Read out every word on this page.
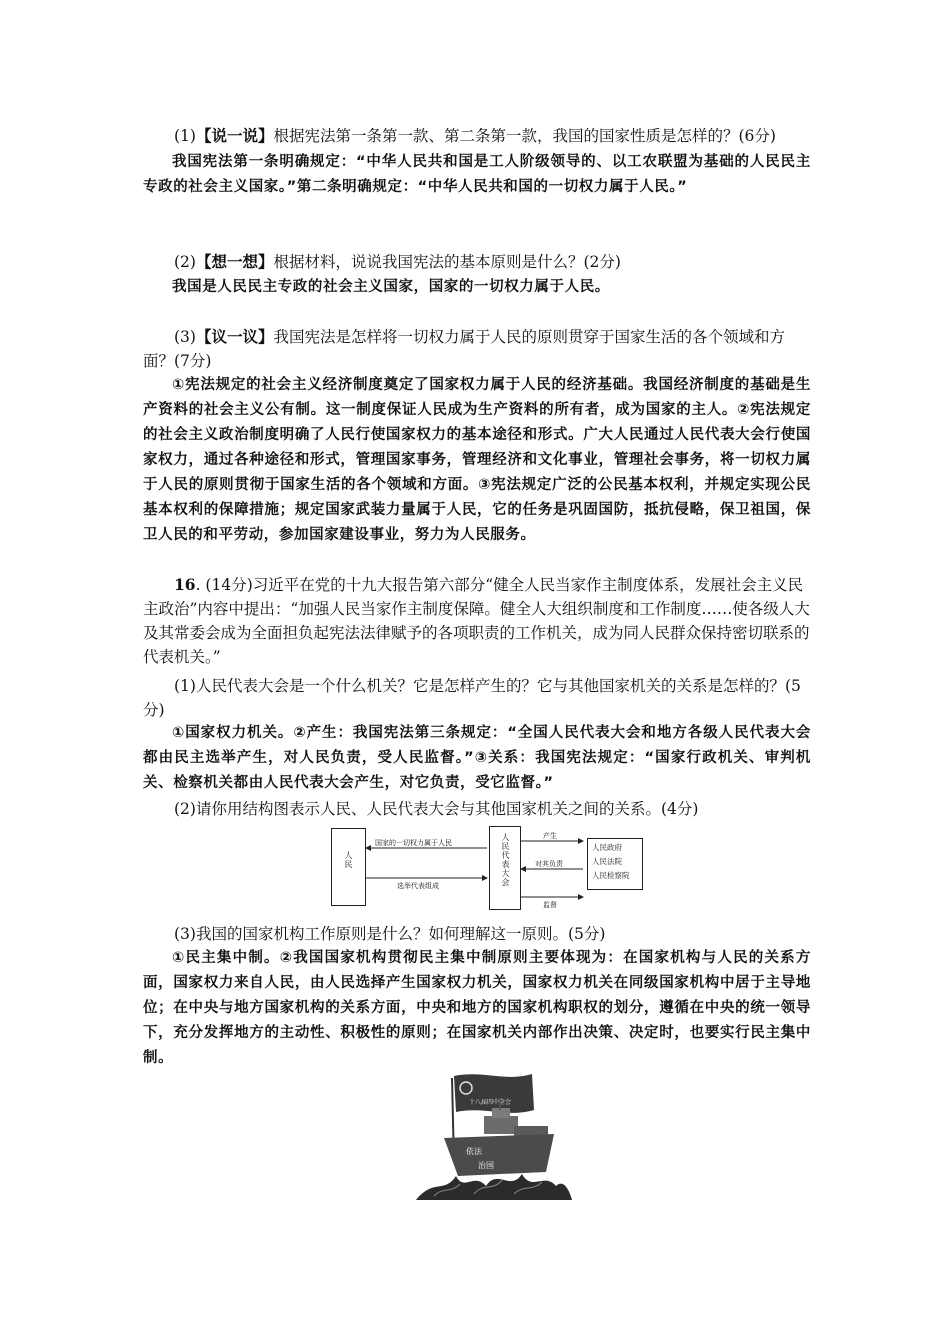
(1)【说一说】根据宪法第一条第一款、第二条第一款，我国的国家性质是怎样的？(6分)
我国宪法第一条明确规定：“中华人民共和国是工人阶级领导的、以工农联盟为基础的人民民主专政的社会主义国家。”第二条明确规定：“中华人民共和国的一切权力属于人民。”
(2)【想一想】根据材料，说说我国宪法的基本原则是什么？(2分)
我国是人民民主专政的社会主义国家，国家的一切权力属于人民。
(3)【议一议】我国宪法是怎样将一切权力属于人民的原则贯穿于国家生活的各个领域和方面？(7分)
①宪法规定的社会主义经济制度奠定了国家权力属于人民的经济基础。我国经济制度的基础是生产资料的社会主义公有制。这一制度保证人民成为生产资料的所有者，成为国家的主人。②宪法规定的社会主义政治制度明确了人民行使国家权力的基本途径和形式。广大人民通过人民代表大会行使国家权力，通过各种途径和形式，管理国家事务，管理经济和文化事业，管理社会事务，将一切权力属于人民的原则贯彻于国家生活的各个领域和方面。③宪法规定广泛的公民基本权利，并规定实现公民基本权利的保障措施；规定国家武装力量属于人民，它的任务是巩固国防，抵抗侵略，保卫祖国，保卫人民的和平劳动，参加国家建设事业，努力为人民服务。
16. (14分)习近平在党的十九大报告第六部分“健全人民当家作主制度体系，发展社会主义民主政治”内容中提出：“加强人民当家作主制度保障。健全人大组织制度和工作制度……使各级人大及其常委会成为全面担负起宪法法律赋予的各项职责的工作机关，成为同人民群众保持密切联系的代表机关。”
(1)人民代表大会是一个什么机关？它是怎样产生的？它与其他国家机关的关系是怎样的？(5分)
①国家权力机关。②产生：我国宪法第三条规定：“全国人民代表大会和地方各级人民代表大会都由民主选举产生，对人民负责，受人民监督。”③关系：我国宪法规定：“国家行政机关、审判机关、检察机关都由人民代表大会产生，对它负责，受它监督。”
(2)请你用结构图表示人民、人民代表大会与其他国家机关之间的关系。(4分)
人民	人民代表大会	人民政府
人民法院
人民检察院
国家的一切权力属于人民
选举代表组成
产生
对其负责
监督
(3)我国的国家机构工作原则是什么？如何理解这一原则。(5分)
①民主集中制。②我国国家机构贯彻民主集中制原则主要体现为：在国家机构与人民的关系方面，国家权力来自人民，由人民选择产生国家权力机关，国家权力机关在同级国家机构中居于主导地位；在中央与地方国家机构的关系方面，中央和地方的国家机构职权的划分，遵循在中央的统一领导下，充分发挥地方的主动性、积极性的原则；在国家机关内部作出决策、决定时，也要实行民主集中制。
十八届四中全会
依法
治国
